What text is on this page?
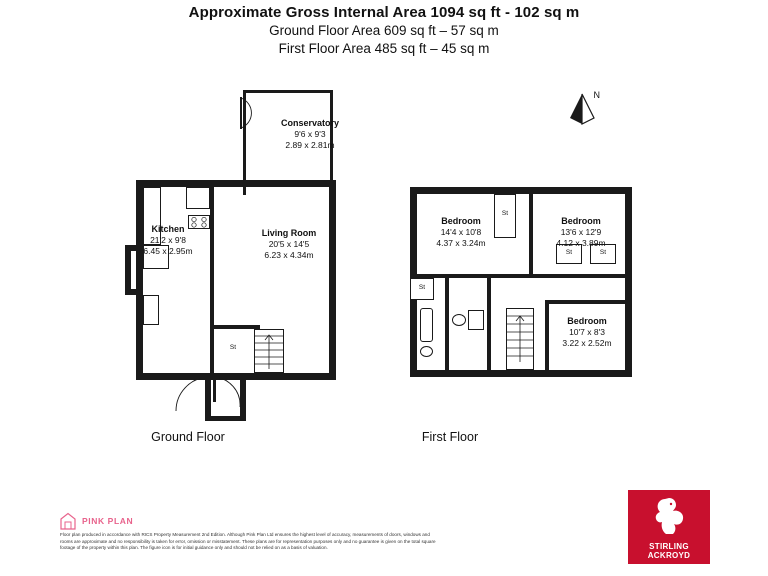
Approximate Gross Internal Area 1094 sq ft - 102 sq m
Ground Floor Area 609 sq ft – 57 sq m
First Floor Area 485 sq ft – 45 sq m
N
Conservatory
9'6 x 9'3
2.89 x 2.81m
Kitchen
21'2 x 9'8
6.45 x 2.95m
Living Room
20'5 x 14'5
6.23 x 4.34m
St
Ground Floor
St
St	St
St
Bedroom
14'4 x 10'8
4.37 x 3.24m
Bedroom
13'6 x 12'9
4.12 x 3.89m
Bedroom
10'7 x 8'3
3.22 x 2.52m
First Floor
PINK PLAN
Floor plan produced in accordance with RICS Property Measurement 2nd Edition. Although Pink Plan Ltd ensures the highest level of accuracy, measurements of doors, windows and rooms are approximate and no responsibility is taken for error, omission or misstatement. These plans are for representation purposes only and no guarantee is given on the total square footage of the property within this plan. The figure icon is for initial guidance only and should not be relied on as a basis of valuation.	STIRLING
ACKROYD
